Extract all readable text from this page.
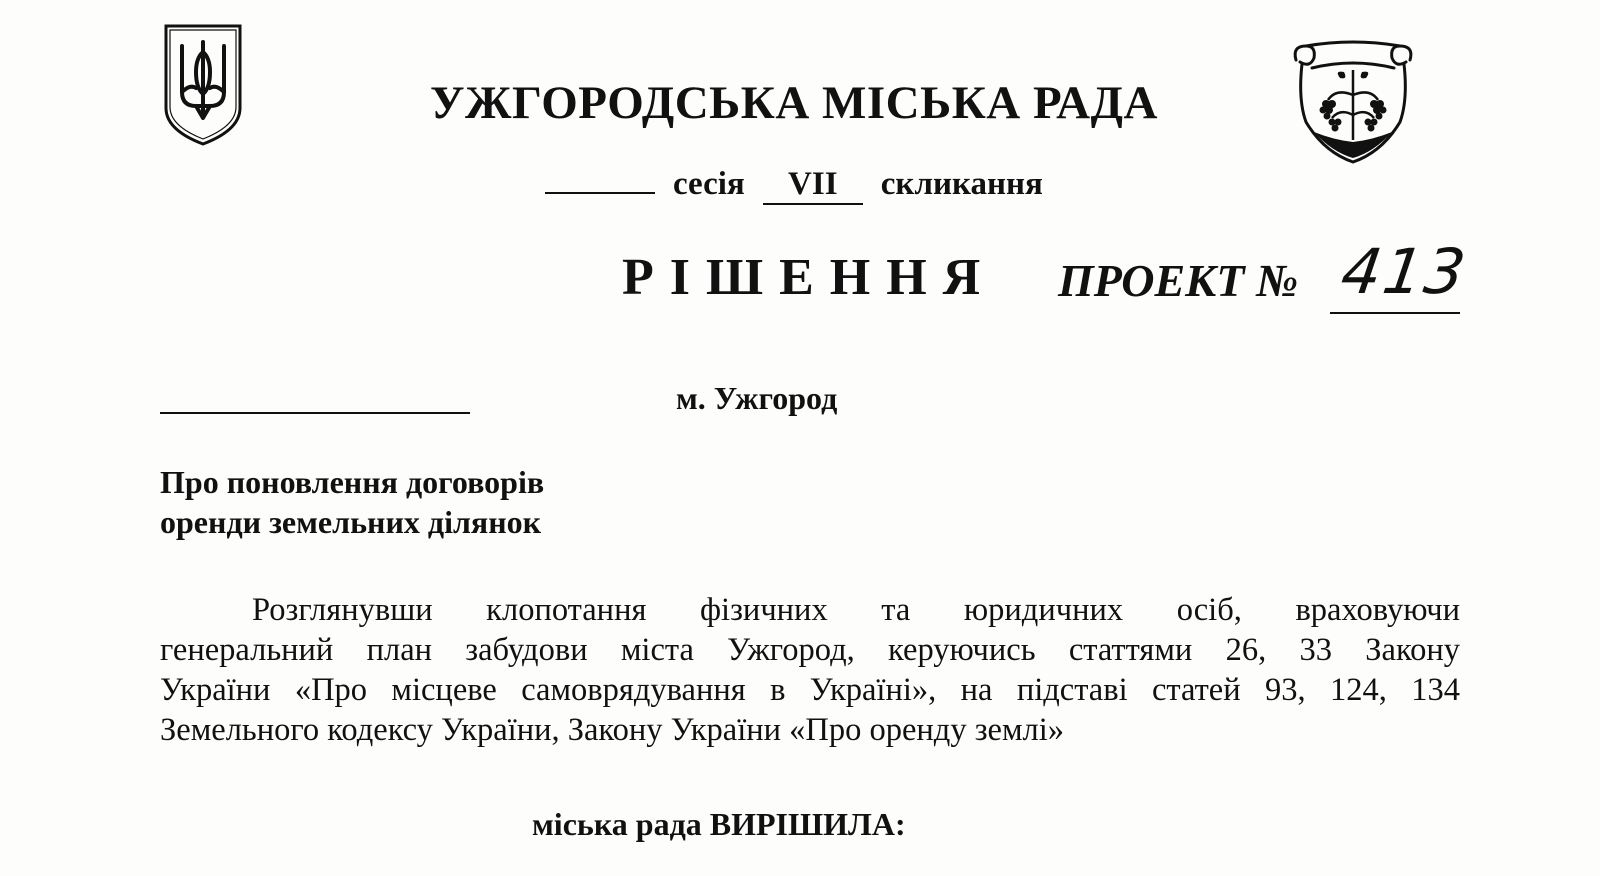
УЖГОРОДСЬКА МІСЬКА РАДА
сесія VII скликання
РІШЕННЯ ПРОЕКТ № 413
м. Ужгород
Про поновлення договорів
оренди земельних ділянок
Розглянувши клопотання фізичних та юридичних осіб, враховуючи
генеральний план забудови міста Ужгород, керуючись статтями 26, 33 Закону
України «Про місцеве самоврядування в Україні», на підставі статей 93, 124, 134
Земельного кодексу України, Закону України «Про оренду землі»
міська рада ВИРІШИЛА:
